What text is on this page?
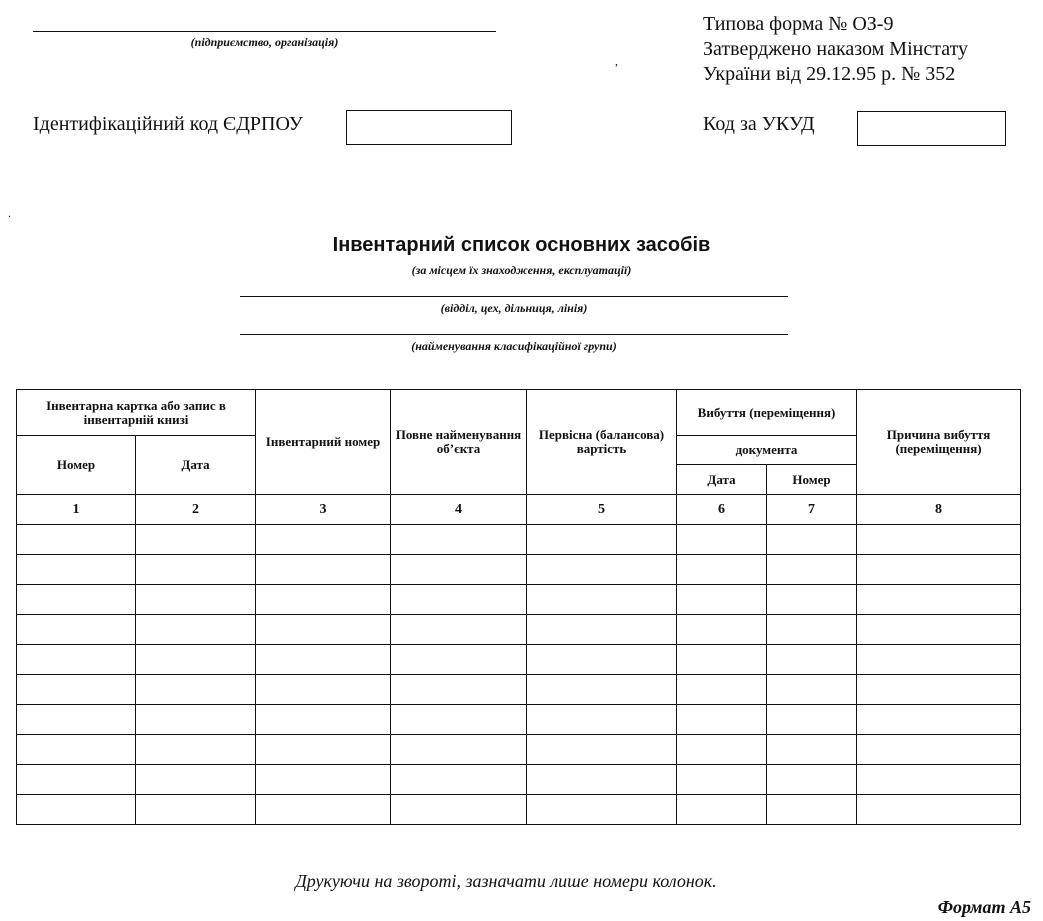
(підприємство, організація)
Типова форма № ОЗ-9
Затверджено наказом Мінстату
України від 29.12.95 р. № 352
,
.
Ідентифікаційний код ЄДРПОУ	Код за УКУД
Інвентарний список основних засобів
(за місцем їх знаходження, експлуатації)
(відділ, цех, дільниця, лінія)
(найменування класифікаційної групи)
Інвентарна картка або запис в інвентарній книзі		Інвентарний номер	Повне найменування об’єкта	Первісна (балансова) вартість	Вибуття (переміщення)		Причина вибуття (переміщення)
Номер	Дата				документа		
					Дата	Номер	
1	2	3	4	5	6	7	8

Друкуючи на звороті, зазначати лише номери колонок.
Формат А5
